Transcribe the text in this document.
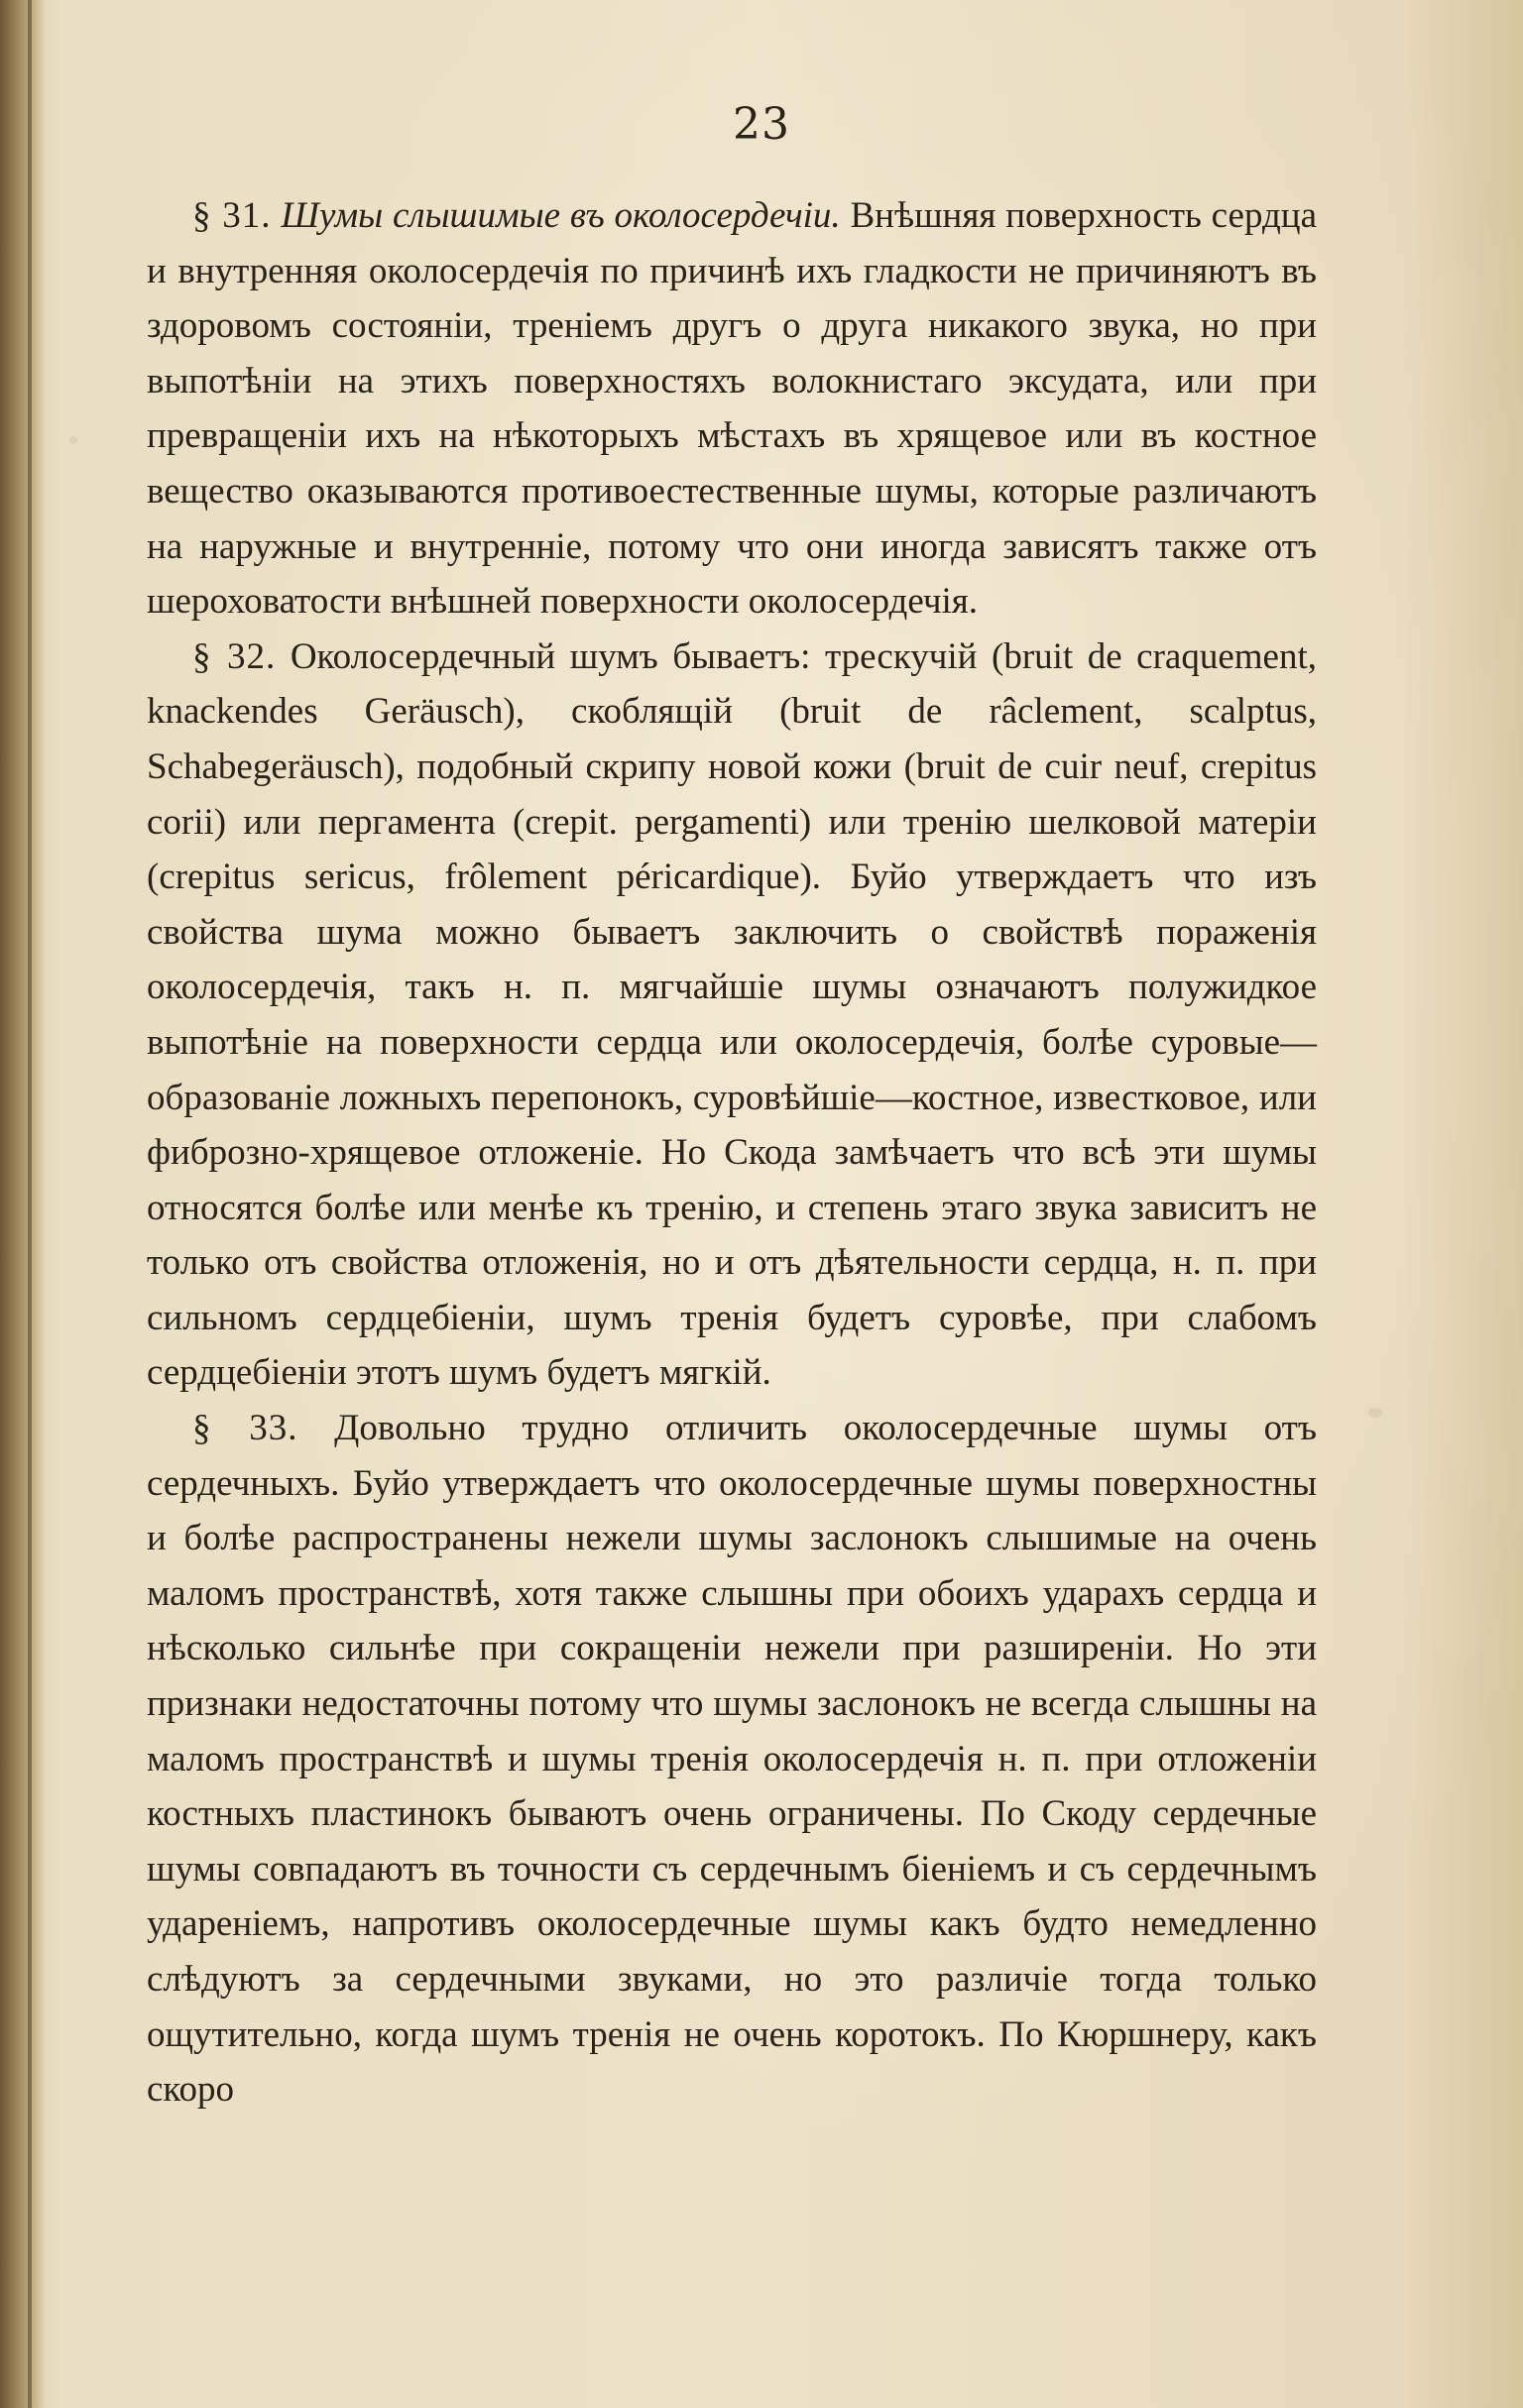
23

§ 31. Шумы слышимые въ околосердечіи. Внѣшняя поверхность сердца и внутренняя околосердечія по причинѣ ихъ гладкости не причиняютъ въ здоровомъ состояніи, треніемъ другъ о друга никакого звука, но при выпотѣніи на этихъ поверхностяхъ волокнистаго эксудата, или при превращеніи ихъ на нѣкоторыхъ мѣстахъ въ хрящевое или въ костное вещество оказываются противоестественные шумы, которые различаютъ на наружные и внутренніе, потому что они иногда зависятъ также отъ шероховатости внѣшней поверхности околосердечія.

§ 32. Околосердечный шумъ бываетъ: трескучій (bruit de craquement, knackendes Geräusch), скоблящій (bruit de râclement, scalptus, Schabegeräusch), подобный скрипу новой кожи (bruit de cuir neuf, crepitus corii) или пергамента (crepit. pergamenti) или тренію шелковой матеріи (crepitus sericus, frôlement péricardique). Буйо утверждаетъ что изъ свойства шума можно бываетъ заключить о свойствѣ пораженія околосердечія, такъ н. п. мягчайшіе шумы означаютъ полужидкое выпотѣніе на поверхности сердца или околосердечія, болѣе суровые—образованіе ложныхъ перепонокъ, суровѣйшіе—костное, известковое, или фиброзно-хрящевое отложеніе. Но Скода замѣчаетъ что всѣ эти шумы относятся болѣе или менѣе къ тренію, и степень этаго звука зависитъ не только отъ свойства отложенія, но и отъ дѣятельности сердца, н. п. при сильномъ сердцебіеніи, шумъ тренія будетъ суровѣе, при слабомъ сердцебіеніи этотъ шумъ будетъ мягкій.

§ 33. Довольно трудно отличить околосердечные шумы отъ сердечныхъ. Буйо утверждаетъ что околосердечные шумы поверхностны и болѣе распространены нежели шумы заслонокъ слышимые на очень маломъ пространствѣ, хотя также слышны при обоихъ ударахъ сердца и нѣсколько сильнѣе при сокращеніи нежели при разширеніи. Но эти признаки недостаточны потому что шумы заслонокъ не всегда слышны на маломъ пространствѣ и шумы тренія околосердечія н. п. при отложеніи костныхъ пластинокъ бываютъ очень ограничены. По Скоду сердечные шумы совпадаютъ въ точности съ сердечнымъ біеніемъ и съ сердечнымъ удареніемъ, напротивъ околосердечные шумы какъ будто немедленно слѣдуютъ за сердечными звуками, но это различіе тогда только ощутительно, когда шумъ тренія не очень коротокъ. По Кюршнеру, какъ скоро
